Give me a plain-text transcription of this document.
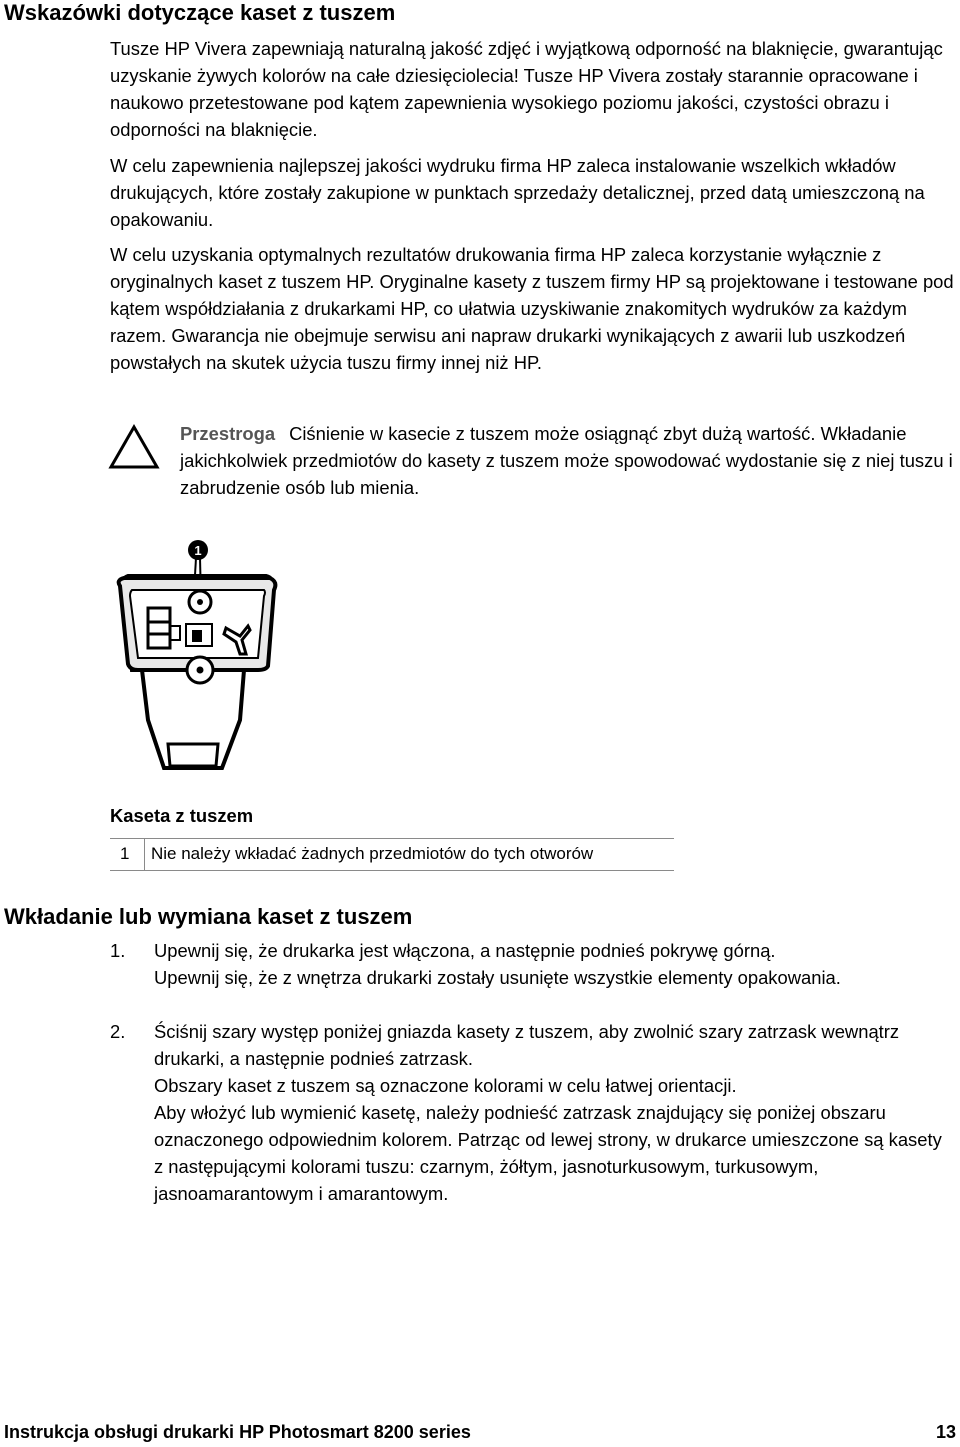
Wskazówki dotyczące kaset z tuszem

Tusze HP Vivera zapewniają naturalną jakość zdjęć i wyjątkową odporność na blaknięcie, gwarantując uzyskanie żywych kolorów na całe dziesięciolecia! Tusze HP Vivera zostały starannie opracowane i naukowo przetestowane pod kątem zapewnienia wysokiego poziomu jakości, czystości obrazu i odporności na blaknięcie.

W celu zapewnienia najlepszej jakości wydruku firma HP zaleca instalowanie wszelkich wkładów drukujących, które zostały zakupione w punktach sprzedaży detalicznej, przed datą umieszczoną na opakowaniu.

W celu uzyskania optymalnych rezultatów drukowania firma HP zaleca korzystanie wyłącznie z oryginalnych kaset z tuszem HP. Oryginalne kasety z tuszem firmy HP są projektowane i testowane pod kątem współdziałania z drukarkami HP, co ułatwia uzyskiwanie znakomitych wydruków za każdym razem. Gwarancja nie obejmuje serwisu ani napraw drukarki wynikających z awarii lub uszkodzeń powstałych na skutek użycia tuszu firmy innej niż HP.

Przestroga Ciśnienie w kasecie z tuszem może osiągnąć zbyt dużą wartość. Wkładanie jakichkolwiek przedmiotów do kasety z tuszem może spowodować wydostanie się z niej tuszu i zabrudzenie osób lub mienia.

1
Kaseta z tuszem
1 Nie należy wkładać żadnych przedmiotów do tych otworów
Wkładanie lub wymiana kaset z tuszem
1. Upewnij się, że drukarka jest włączona, a następnie podnieś pokrywę górną.
Upewnij się, że z wnętrza drukarki zostały usunięte wszystkie elementy opakowania.
2. Ściśnij szary występ poniżej gniazda kasety z tuszem, aby zwolnić szary zatrzask wewnątrz drukarki, a następnie podnieś zatrzask.
Obszary kaset z tuszem są oznaczone kolorami w celu łatwej orientacji.
Aby włożyć lub wymienić kasetę, należy podnieść zatrzask znajdujący się poniżej obszaru oznaczonego odpowiednim kolorem. Patrząc od lewej strony, w drukarce umieszczone są kasety z następującymi kolorami tuszu: czarnym, żółtym, jasnoturkusowym, turkusowym, jasnoamarantowym i amarantowym.
Instrukcja obsługi drukarki HP Photosmart 8200 series	13
